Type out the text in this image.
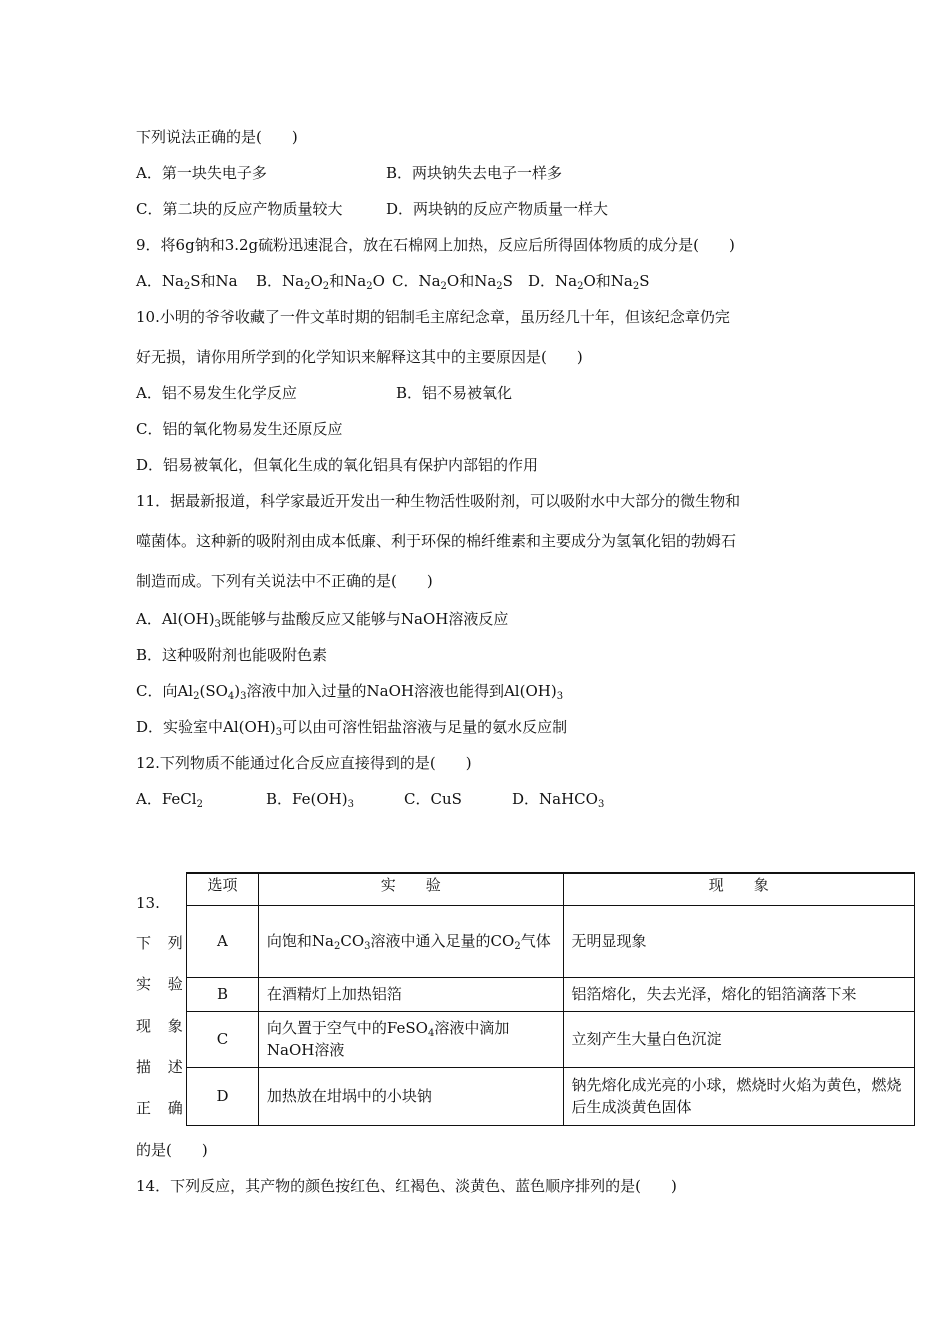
下列说法正确的是(　　)
A．第一块失电子多	B．两块钠失去电子一样多
C．第二块的反应产物质量较大	D．两块钠的反应产物质量一样大
9．将6g钠和3.2g硫粉迅速混合，放在石棉网上加热，反应后所得固体物质的成分是(　　)
A．$Na_2S$和Na B．$Na_2O_2$和$Na_2O$ C．$Na_2O$和$Na_2S$ D．$Na_2O$和$Na_2S$
10.小明的爷爷收藏了一件文革时期的铝制毛主席纪念章，虽历经几十年，但该纪念章仍完
好无损，请你用所学到的化学知识来解释这其中的主要原因是(　　)
A．铝不易发生化学反应	B．铝不易被氧化
C．铝的氧化物易发生还原反应
D．铝易被氧化，但氧化生成的氧化铝具有保护内部铝的作用
11．据最新报道，科学家最近开发出一种生物活性吸附剂，可以吸附水中大部分的微生物和
噬菌体。这种新的吸附剂由成本低廉、利于环保的棉纤维素和主要成分为氢氧化铝的勃姆石
制造而成。下列有关说法中不正确的是(　　)
A．$Al(OH)_3$既能够与盐酸反应又能够与NaOH溶液反应
B．这种吸附剂也能吸附色素
C．向$Al_2(SO_4)_3$溶液中加入过量的NaOH溶液也能得到$Al(OH)_3$
D．实验室中$Al(OH)_3$可以由可溶性铝盐溶液与足量的氨水反应制
12.下列物质不能通过化合反应直接得到的是(　　)
A．FeCl$_2$	B．$Fe(OH)_3$	C．CuS	D．NaHCO$_3$
13.
下 列
实 验
现 象
描 述
正 确
的是(　　)
选项	实　　验	现　　象
A	向饱和$Na_2CO_3$溶液中通入足量的$CO_2$气体	无明显现象
B	在酒精灯上加热铝箔	铝箔熔化，失去光泽，熔化的铝箔滴落下来
C	向久置于空气中的FeSO$_4$溶液中滴加NaOH溶液	立刻产生大量白色沉淀
D	加热放在坩埚中的小块钠	钠先熔化成光亮的小球，燃烧时火焰为黄色，燃烧后生成淡黄色固体
14．下列反应，其产物的颜色按红色、红褐色、淡黄色、蓝色顺序排列的是(　　)
